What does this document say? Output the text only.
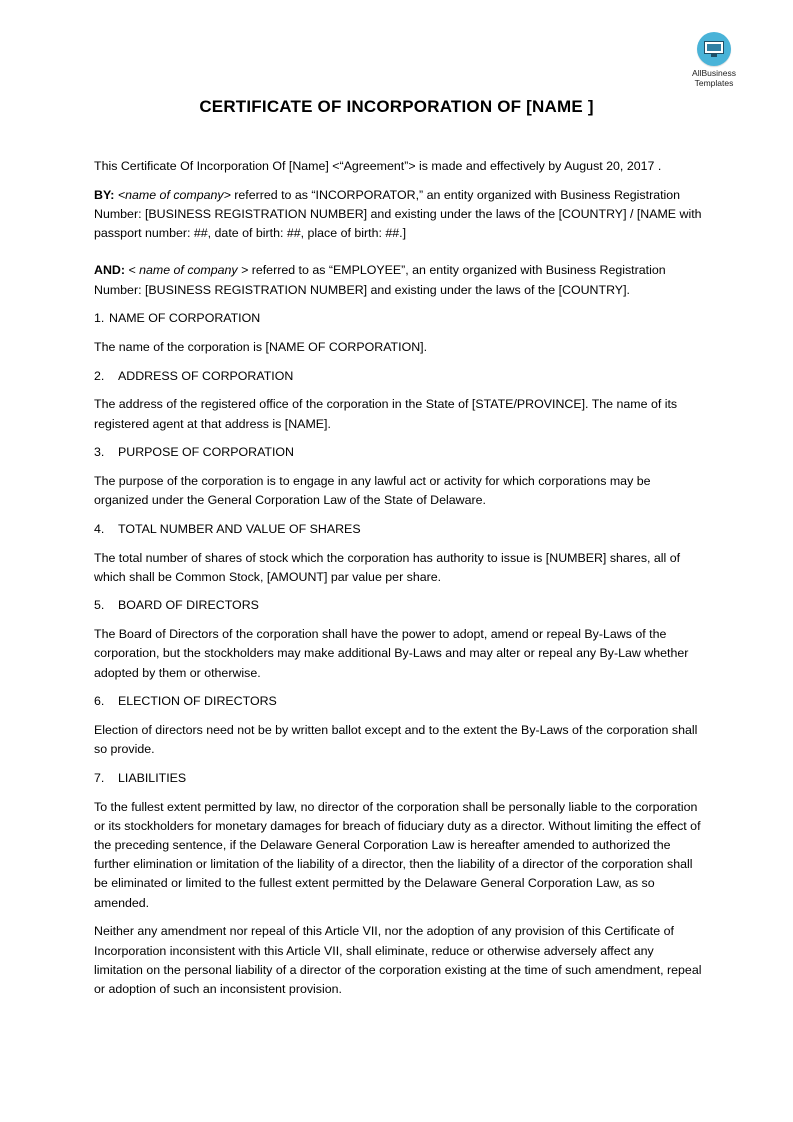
AllBusiness
Templates
CERTIFICATE OF INCORPORATION OF [NAME ]

This Certificate Of Incorporation Of [Name] <“Agreement”> is made and effectively by August 20, 2017 .

BY: <name of company> referred to as “INCORPORATOR,” an entity organized with Business Registration Number: [BUSINESS REGISTRATION NUMBER] and existing under the laws of the [COUNTRY] / [NAME with passport number: ##, date of birth: ##, place of birth: ##.]

AND: < name of company > referred to as “EMPLOYEE”, an entity organized with Business Registration Number: [BUSINESS REGISTRATION NUMBER] and existing under the laws of the [COUNTRY].

1. NAME OF CORPORATION

The name of the corporation is [NAME OF CORPORATION].

2. ADDRESS OF CORPORATION

The address of the registered office of the corporation in the State of [STATE/PROVINCE]. The name of its registered agent at that address is [NAME].

3. PURPOSE OF CORPORATION

The purpose of the corporation is to engage in any lawful act or activity for which corporations may be organized under the General Corporation Law of the State of Delaware.

4. TOTAL NUMBER AND VALUE OF SHARES

The total number of shares of stock which the corporation has authority to issue is [NUMBER] shares, all of which shall be Common Stock, [AMOUNT] par value per share.

5. BOARD OF DIRECTORS

The Board of Directors of the corporation shall have the power to adopt, amend or repeal By-Laws of the corporation, but the stockholders may make additional By-Laws and may alter or repeal any By-Law whether adopted by them or otherwise.

6. ELECTION OF DIRECTORS

Election of directors need not be by written ballot except and to the extent the By-Laws of the corporation shall so provide.

7. LIABILITIES

To the fullest extent permitted by law, no director of the corporation shall be personally liable to the corporation or its stockholders for monetary damages for breach of fiduciary duty as a director. Without limiting the effect of the preceding sentence, if the Delaware General Corporation Law is hereafter amended to authorized the further elimination or limitation of the liability of a director, then the liability of a director of the corporation shall be eliminated or limited to the fullest extent permitted by the Delaware General Corporation Law, as so amended.

Neither any amendment nor repeal of this Article VII, nor the adoption of any provision of this Certificate of Incorporation inconsistent with this Article VII, shall eliminate, reduce or otherwise adversely affect any limitation on the personal liability of a director of the corporation existing at the time of such amendment, repeal or adoption of such an inconsistent provision.
